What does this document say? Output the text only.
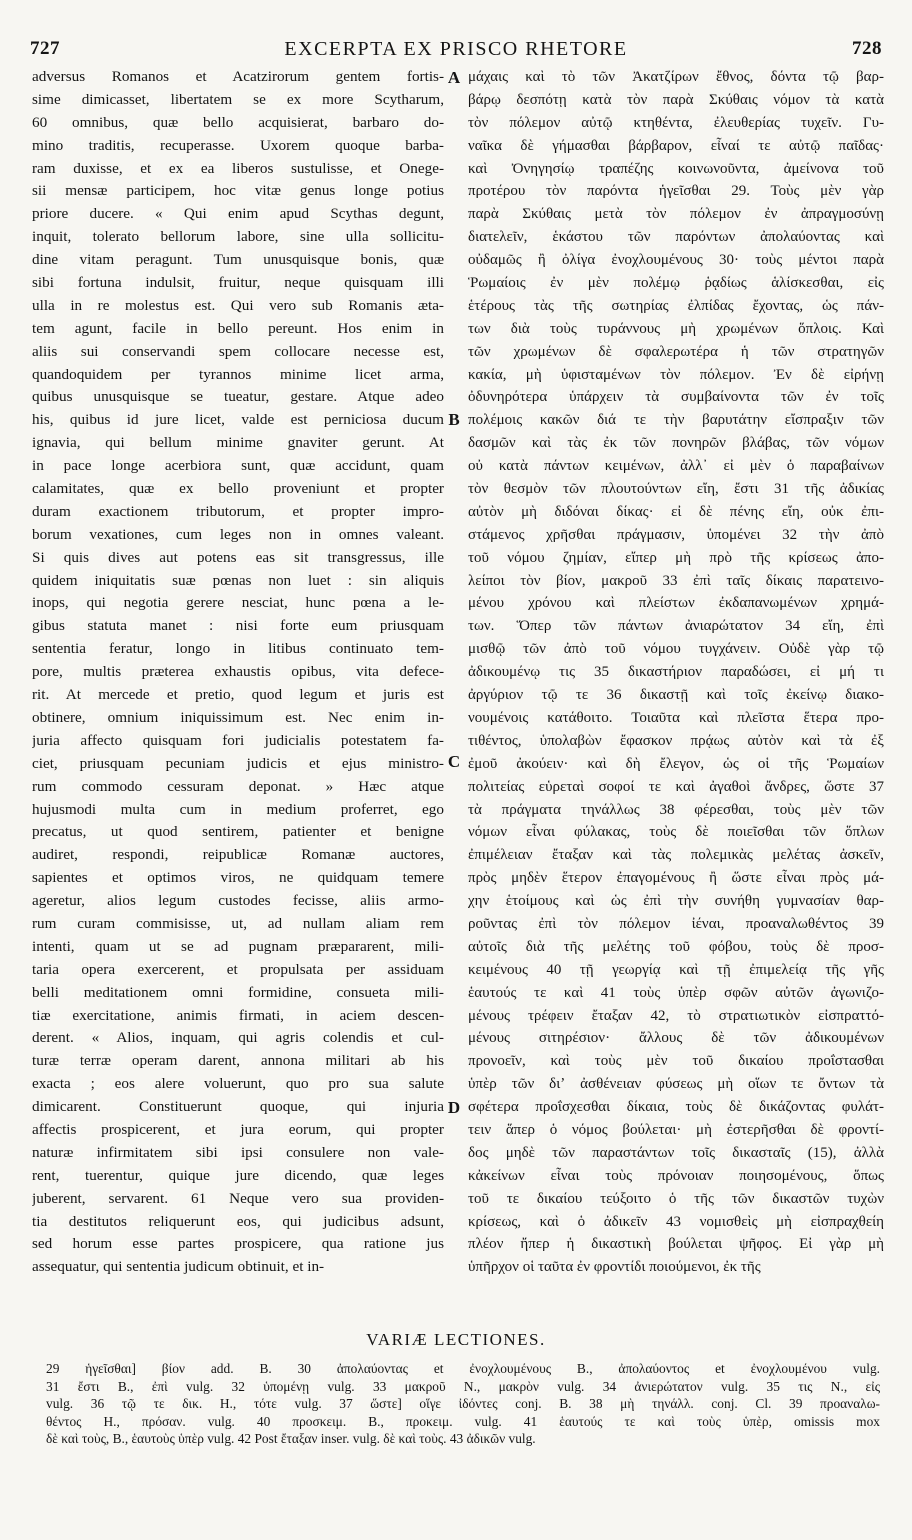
727	EXCERPTA EX PRISCO RHETORE	728
adversus Romanos et Acatzirorum gentem fortis-
sime dimicasset, libertatem se ex more Scytharum,
60 omnibus, quæ bello acquisierat, barbaro do-
mino traditis, recuperasse. Uxorem quoque barba-
ram duxisse, et ex ea liberos sustulisse, et Onege-
sii mensæ participem, hoc vitæ genus longe potius
priore ducere. « Qui enim apud Scythas degunt,
inquit, tolerato bellorum labore, sine ulla sollicitu-
dine vitam peragunt. Tum unusquisque bonis, quæ
sibi fortuna indulsit, fruitur, neque quisquam illi
ulla in re molestus est. Qui vero sub Romanis æta-
tem agunt, facile in bello pereunt. Hos enim in
aliis sui conservandi spem collocare necesse est,
quandoquidem per tyrannos minime licet arma,
quibus unusquisque se tueatur, gestare. Atque adeo
his, quibus id jure licet, valde est perniciosa ducum
ignavia, qui bellum minime gnaviter gerunt. At
in pace longe acerbiora sunt, quæ accidunt, quam
calamitates, quæ ex bello proveniunt et propter
duram exactionem tributorum, et propter impro-
borum vexationes, cum leges non in omnes valeant.
Si quis dives aut potens eas sit transgressus, ille
quidem iniquitatis suæ pœnas non luet : sin aliquis
inops, qui negotia gerere nesciat, hunc pœna a le-
gibus statuta manet : nisi forte eum priusquam
sententia feratur, longo in litibus continuato tem-
pore, multis præterea exhaustis opibus, vita defece-
rit. At mercede et pretio, quod legum et juris est
obtinere, omnium iniquissimum est. Nec enim in-
juria affecto quisquam fori judicialis potestatem fa-
ciet, priusquam pecuniam judicis et ejus ministro-
rum commodo cessuram deponat. » Hæc atque
hujusmodi multa cum in medium proferret, ego
precatus, ut quod sentirem, patienter et benigne
audiret, respondi, reipublicæ Romanæ auctores,
sapientes et optimos viros, ne quidquam temere
ageretur, alios legum custodes fecisse, aliis armo-
rum curam commisisse, ut, ad nullam aliam rem
intenti, quam ut se ad pugnam præpararent, mili-
taria opera exercerent, et propulsata per assiduam
belli meditationem omni formidine, consueta mili-
tiæ exercitatione, animis firmati, in aciem descen-
derent. « Alios, inquam, qui agris colendis et cul-
turæ terræ operam darent, annona militari ab his
exacta ; eos alere voluerunt, quo pro sua salute
dimicarent. Constituerunt quoque, qui injuria
affectis prospicerent, et jura eorum, qui propter
naturæ infirmitatem sibi ipsi consulere non vale-
rent, tuerentur, quique jure dicendo, quæ leges
juberent, servarent. 61 Neque vero sua providen-
tia destitutos reliquerunt eos, qui judicibus adsunt,
sed horum esse partes prospicere, qua ratione jus
assequatur, qui sententia judicum obtinuit, et in-
μάχαις καὶ τὸ τῶν Ἀκατζίρων ἔθνος, δόντα τῷ βαρ-
βάρῳ δεσπότῃ κατὰ τὸν παρὰ Σκύθαις νόμον τὰ κατὰ
τὸν πόλεμον αὐτῷ κτηθέντα, ἐλευθερίας τυχεῖν. Γυ-
ναῖκα δὲ γήμασθαι βάρβαρον, εἶναί τε αὐτῷ παῖδας·
καὶ Ὀνηγησίῳ τραπέζης κοινωνοῦντα, ἀμείνονα τοῦ
προτέρου τὸν παρόντα ἡγεῖσθαι 29. Τοὺς μὲν γὰρ
παρὰ Σκύθαις μετὰ τὸν πόλεμον ἐν ἀπραγμοσύνῃ
διατελεῖν, ἑκάστου τῶν παρόντων ἀπολαύοντας καὶ
οὐδαμῶς ἢ ὀλίγα ἐνοχλουμένους 30· τοὺς μέντοι παρὰ
Ῥωμαίοις ἐν μὲν πολέμῳ ῥᾳδίως ἁλίσκεσθαι, εἰς
ἑτέρους τὰς τῆς σωτηρίας ἐλπίδας ἔχοντας, ὡς πάν-
των διὰ τοὺς τυράννους μὴ χρωμένων ὅπλοις. Καὶ
τῶν χρωμένων δὲ σφαλερωτέρα ἡ τῶν στρατηγῶν
κακία, μὴ ὑφισταμένων τὸν πόλεμον. Ἐν δὲ εἰρήνῃ
ὀδυνηρότερα ὑπάρχειν τὰ συμβαίνοντα τῶν ἐν τοῖς
πολέμοις κακῶν διά τε τὴν βαρυτάτην εἴσπραξιν τῶν
δασμῶν καὶ τὰς ἐκ τῶν πονηρῶν βλάβας, τῶν νόμων
οὐ κατὰ πάντων κειμένων, ἀλλ᾽ εἰ μὲν ὁ παραβαίνων
τὸν θεσμὸν τῶν πλουτούντων εἴη, ἔστι 31 τῆς ἀδικίας
αὐτὸν μὴ διδόναι δίκας· εἰ δὲ πένης εἴη, οὐκ ἐπι-
στάμενος χρῆσθαι πράγμασιν, ὑπομένει 32 τὴν ἀπὸ
τοῦ νόμου ζημίαν, εἴπερ μὴ πρὸ τῆς κρίσεως ἀπο-
λείποι τὸν βίον, μακροῦ 33 ἐπὶ ταῖς δίκαις παρατεινο-
μένου χρόνου καὶ πλείστων ἐκδαπανωμένων χρημά-
των. Ὅπερ τῶν πάντων ἀνιαρώτατον 34 εἴη, ἐπὶ
μισθῷ τῶν ἀπὸ τοῦ νόμου τυγχάνειν. Οὐδὲ γὰρ τῷ
ἀδικουμένῳ τις 35 δικαστήριον παραδώσει, εἰ μή τι
ἀργύριον τῷ τε 36 δικαστῇ καὶ τοῖς ἐκείνῳ διακο-
νουμένοις κατάθοιτο. Τοιαῦτα καὶ πλεῖστα ἕτερα προ-
τιθέντος, ὑπολαβὼν ἔφασκον πρᾴως αὐτὸν καὶ τὰ ἐξ
ἐμοῦ ἀκούειν· καὶ δὴ ἔλεγον, ὡς οἱ τῆς Ῥωμαίων
πολιτείας εὑρεταὶ σοφοί τε καὶ ἀγαθοὶ ἄνδρες, ὥστε 37
τὰ πράγματα τηνάλλως 38 φέρεσθαι, τοὺς μὲν τῶν
νόμων εἶναι φύλακας, τοὺς δὲ ποιεῖσθαι τῶν ὅπλων
ἐπιμέλειαν ἔταξαν καὶ τὰς πολεμικὰς μελέτας ἀσκεῖν,
πρὸς μηδὲν ἕτερον ἐπαγομένους ἢ ὥστε εἶναι πρὸς μά-
χην ἑτοίμους καὶ ὡς ἐπὶ τὴν συνήθη γυμνασίαν θαρ-
ροῦντας ἐπὶ τὸν πόλεμον ἰέναι, προαναλωθέντος 39
αὐτοῖς διὰ τῆς μελέτης τοῦ φόβου, τοὺς δὲ προσ-
κειμένους 40 τῇ γεωργίᾳ καὶ τῇ ἐπιμελείᾳ τῆς γῆς
ἑαυτούς τε καὶ 41 τοὺς ὑπὲρ σφῶν αὐτῶν ἀγωνιζο-
μένους τρέφειν ἔταξαν 42, τὸ στρατιωτικὸν εἰσπραττό-
μένους σιτηρέσιον· ἄλλους δὲ τῶν ἀδικουμένων
προνοεῖν, καὶ τοὺς μὲν τοῦ δικαίου προΐστασθαι
ὑπὲρ τῶν διʼ ἀσθένειαν φύσεως μὴ οἵων τε ὄντων τὰ
σφέτερα προΐσχεσθαι δίκαια, τοὺς δὲ δικάζοντας φυλάτ-
τειν ἅπερ ὁ νόμος βούλεται· μὴ ἐστερῆσθαι δὲ φροντί-
δος μηδὲ τῶν παραστάντων τοῖς δικασταῖς (15), ἀλλὰ
κἀκείνων εἶναι τοὺς πρόνοιαν ποιησομένους, ὅπως
τοῦ τε δικαίου τεύξοιτο ὁ τῆς τῶν δικαστῶν τυχὼν
κρίσεως, καὶ ὁ ἀδικεῖν 43 νομισθεὶς μὴ εἰσπραχθείη
πλέον ἤπερ ἡ δικαστικὴ βούλεται ψῆφος. Εἰ γὰρ μὴ
ὑπῆρχον οἱ ταῦτα ἐν φροντίδι ποιούμενοι, ἐκ τῆς
A
B
C
D
VARIÆ LECTIONES.
29 ἡγεῖσθαι] βίον add. B. 30 ἀπολαύοντας et ἐνοχλουμένους B., ἀπολαύοντος et ἐνοχλουμένου vulg.
31 ἔστι B., ἐπὶ vulg. 32 ὑπομένῃ vulg. 33 μακροῦ N., μακρὸν vulg. 34 ἀνιερώτατον vulg. 35 τις N., εἰς
vulg. 36 τῷ τε δικ. H., τότε vulg. 37 ὥστε] οἵγε ἰδόντες conj. B. 38 μὴ τηνάλλ. conj. Cl. 39 προαναλω-
θέντος H., πρόσαν. vulg. 40 προσκειμ. B., προκειμ. vulg. 41 ἑαυτούς τε καὶ τοὺς ὑπὲρ, omissis mox
δὲ καὶ τοὺς, B., ἑαυτοὺς ὑπὲρ vulg. 42 Post ἔταξαν inser. vulg. δὲ καὶ τοὺς. 43 ἀδικῶν vulg.
